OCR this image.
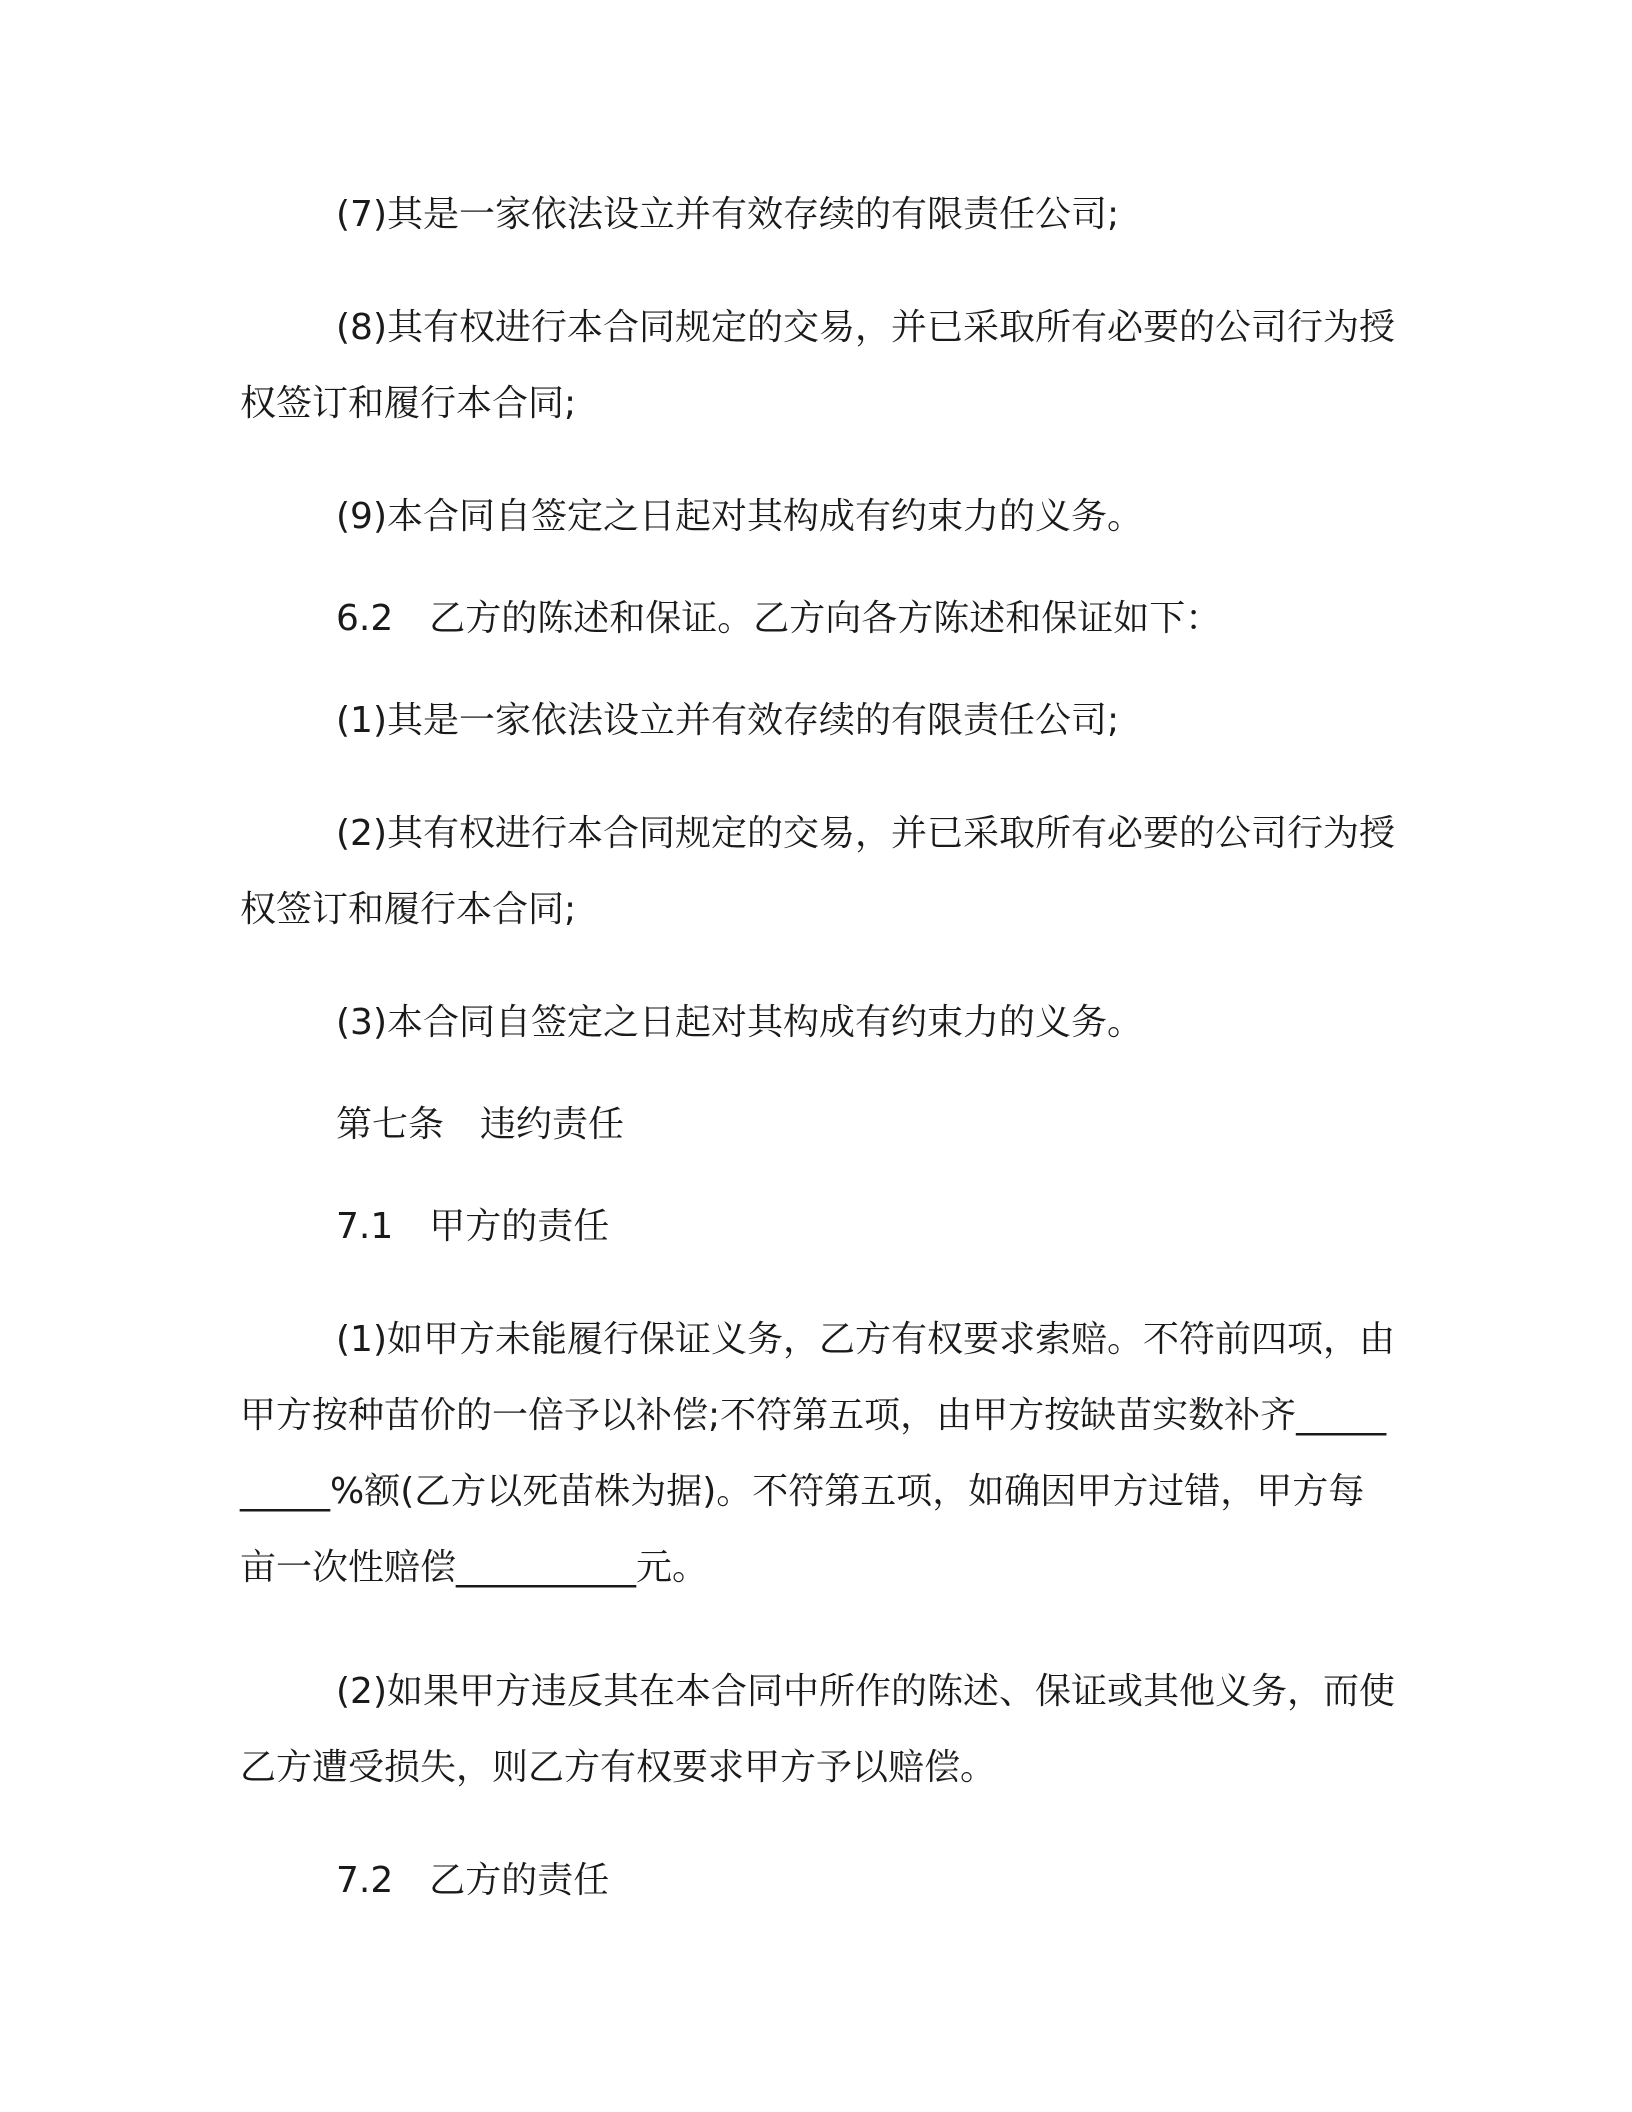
(7)其是一家依法设立并有效存续的有限责任公司;

(8)其有权进行本合同规定的交易，并已采取所有必要的公司行为授权签订和履行本合同;

(9)本合同自签定之日起对其构成有约束力的义务。

6.2　乙方的陈述和保证。乙方向各方陈述和保证如下：

(1)其是一家依法设立并有效存续的有限责任公司;

(2)其有权进行本合同规定的交易，并已采取所有必要的公司行为授权签订和履行本合同;

(3)本合同自签定之日起对其构成有约束力的义务。

第七条　违约责任

7.1　甲方的责任

(1)如甲方未能履行保证义务，乙方有权要求索赔。不符前四项，由甲方按种苗价的一倍予以补偿;不符第五项，由甲方按缺苗实数补齐__________%额(乙方以死苗株为据)。不符第五项，如确因甲方过错，甲方每亩一次性赔偿__________元。

(2)如果甲方违反其在本合同中所作的陈述、保证或其他义务，而使乙方遭受损失，则乙方有权要求甲方予以赔偿。

7.2　乙方的责任
